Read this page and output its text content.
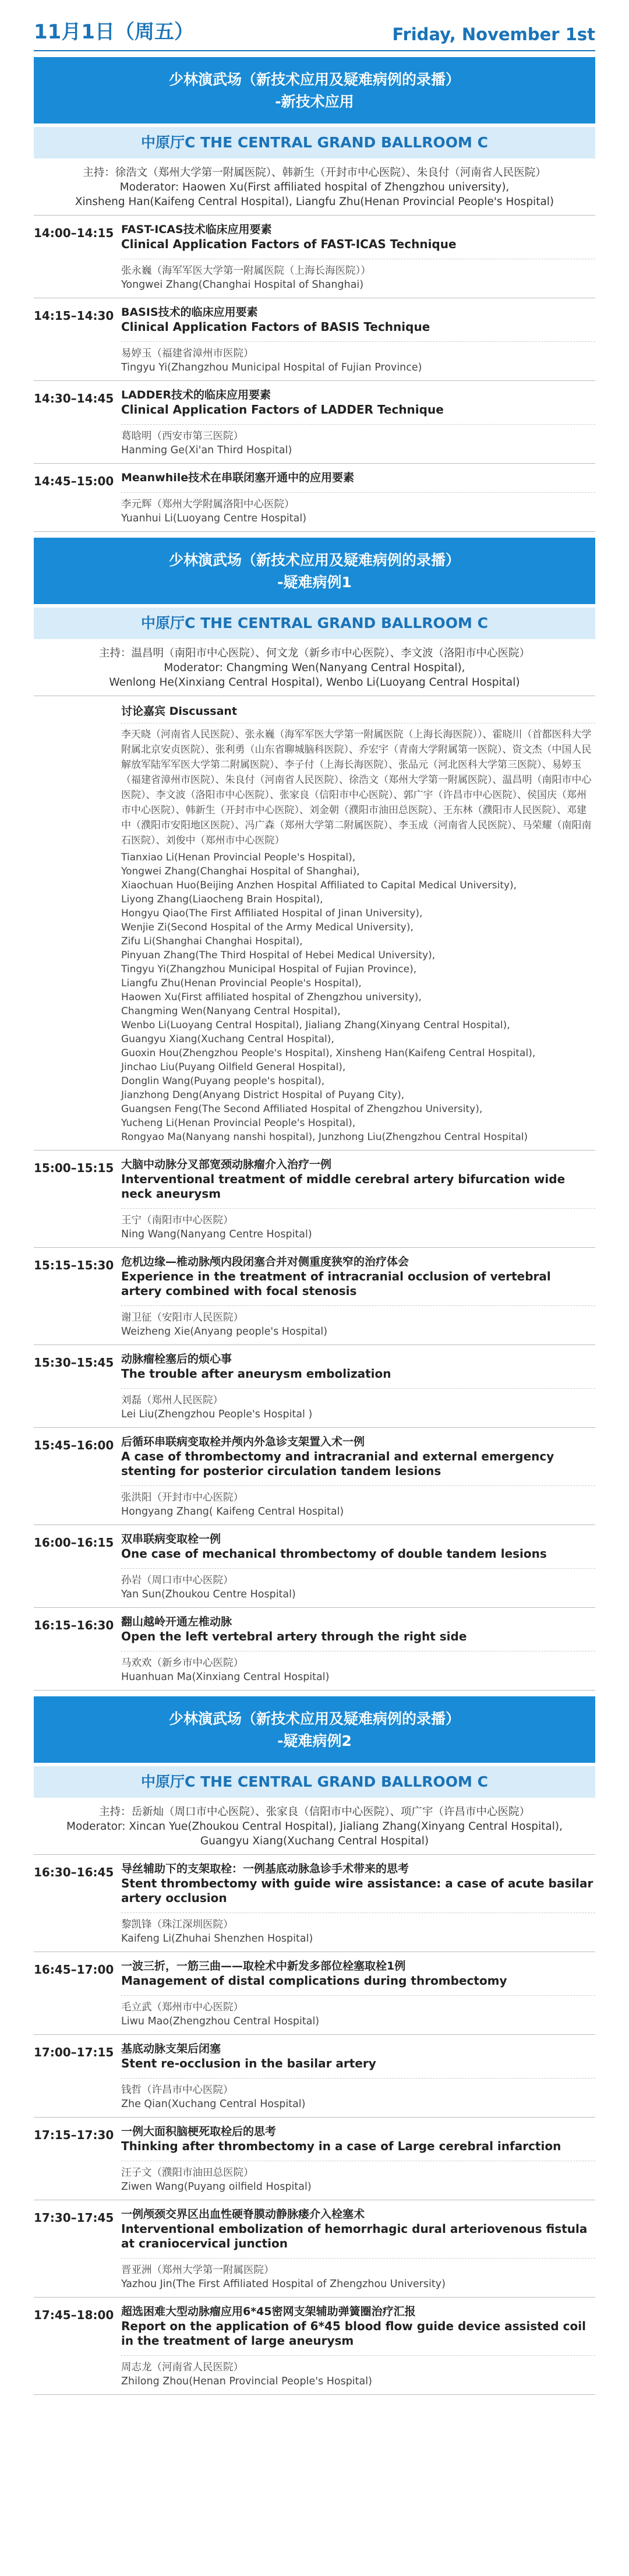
11月1日（周五）	Friday, November 1st
少林演武场（新技术应用及疑难病例的录播）
-新技术应用
中原厅C THE CENTRAL GRAND BALLROOM C
主持：徐浩文（郑州大学第一附属医院）、韩新生（开封市中心医院）、朱良付（河南省人民医院）
Moderator: Haowen Xu(First affiliated hospital of Zhengzhou university),
Xinsheng Han(Kaifeng Central Hospital), Liangfu Zhu(Henan Provincial People's Hospital)
14:00–14:15 FAST-ICAS技术临床应用要素
Clinical Application Factors of FAST-ICAS Technique
张永巍（海军军医大学第一附属医院（上海长海医院））
Yongwei Zhang(Changhai Hospital of Shanghai)
14:15–14:30 BASIS技术的临床应用要素
Clinical Application Factors of BASIS Technique
易婷玉（福建省漳州市医院）
Tingyu Yi(Zhangzhou Municipal Hospital of Fujian Province)
14:30–14:45 LADDER技术的临床应用要素
Clinical Application Factors of LADDER Technique
葛晗明（西安市第三医院）
Hanming Ge(Xi'an Third Hospital)
14:45–15:00 Meanwhile技术在串联闭塞开通中的应用要素
李元辉（郑州大学附属洛阳中心医院）
Yuanhui Li(Luoyang Centre Hospital)
少林演武场（新技术应用及疑难病例的录播）
-疑难病例1
中原厅C THE CENTRAL GRAND BALLROOM C
主持：温昌明（南阳市中心医院）、何文龙（新乡市中心医院）、李文波（洛阳市中心医院）
Moderator: Changming Wen(Nanyang Central Hospital),
Wenlong He(Xinxiang Central Hospital), Wenbo Li(Luoyang Central Hospital)
讨论嘉宾 Discussant
李天晓（河南省人民医院）、张永巍（海军军医大学第一附属医院（上海长海医院））、霍晓川（首都医科大学附属北京安贞医院）、张利勇（山东省聊城脑科医院）、乔宏宇（青南大学附属第一医院）、资文杰（中国人民解放军陆军军医大学第二附属医院）、李子付（上海长海医院）、张品元（河北医科大学第三医院）、易婷玉（福建省漳州市医院）、朱良付（河南省人民医院）、徐浩文（郑州大学第一附属医院）、温昌明（南阳市中心医院）、李文波（洛阳市中心医院）、张家良（信阳市中心医院）、郭广宇（许昌市中心医院）、侯国庆（郑州市中心医院）、韩新生（开封市中心医院）、刘金朝（濮阳市油田总医院）、王东林（濮阳市人民医院）、邓建中（濮阳市安阳地区医院）、冯广森（郑州大学第二附属医院）、李玉成（河南省人民医院）、马荣耀（南阳南石医院）、刘俊中（郑州市中心医院）
Tianxiao Li(Henan Provincial People's Hospital),
Yongwei Zhang(Changhai Hospital of Shanghai),
Xiaochuan Huo(Beijing Anzhen Hospital Affiliated to Capital Medical University),
Liyong Zhang(Liaocheng Brain Hospital),
Hongyu Qiao(The First Affiliated Hospital of Jinan University),
Wenjie Zi(Second Hospital of the Army Medical University),
Zifu Li(Shanghai Changhai Hospital),
Pinyuan Zhang(The Third Hospital of Hebei Medical University),
Tingyu Yi(Zhangzhou Municipal Hospital of Fujian Province),
Liangfu Zhu(Henan Provincial People's Hospital),
Haowen Xu(First affiliated hospital of Zhengzhou university),
Changming Wen(Nanyang Central Hospital),
Wenbo Li(Luoyang Central Hospital), Jialiang Zhang(Xinyang Central Hospital),
Guangyu Xiang(Xuchang Central Hospital),
Guoxin Hou(Zhengzhou People's Hospital), Xinsheng Han(Kaifeng Central Hospital),
Jinchao Liu(Puyang Oilfield General Hospital),
Donglin Wang(Puyang people's hospital),
Jianzhong Deng(Anyang District Hospital of Puyang City),
Guangsen Feng(The Second Affiliated Hospital of Zhengzhou University),
Yucheng Li(Henan Provincial People's Hospital),
Rongyao Ma(Nanyang nanshi hospital), Junzhong Liu(Zhengzhou Central Hospital)
15:00–15:15 大脑中动脉分叉部宽颈动脉瘤介入治疗一例
Interventional treatment of middle cerebral artery bifurcation wide neck aneurysm
王宁（南阳市中心医院）
Ning Wang(Nanyang Centre Hospital)
15:15–15:30 危机边缘—椎动脉颅内段闭塞合并对侧重度狭窄的治疗体会
Experience in the treatment of intracranial occlusion of vertebral artery combined with focal stenosis
谢卫征（安阳市人民医院）
Weizheng Xie(Anyang people's Hospital)
15:30–15:45 动脉瘤栓塞后的烦心事
The trouble after aneurysm embolization
刘磊（郑州人民医院）
Lei Liu(Zhengzhou People's Hospital )
15:45–16:00 后循环串联病变取栓并颅内外急诊支架置入术一例
A case of thrombectomy and intracranial and external emergency stenting for posterior circulation tandem lesions
张洪阳（开封市中心医院）
Hongyang Zhang( Kaifeng Central Hospital)
16:00–16:15 双串联病变取栓一例
One case of mechanical thrombectomy of double tandem lesions
孙岩（周口市中心医院）
Yan Sun(Zhoukou Centre Hospital)
16:15–16:30 翻山越岭开通左椎动脉
Open the left vertebral artery through the right side
马欢欢（新乡市中心医院）
Huanhuan Ma(Xinxiang Central Hospital)
少林演武场（新技术应用及疑难病例的录播）
-疑难病例2
中原厅C THE CENTRAL GRAND BALLROOM C
主持：岳新灿（周口市中心医院）、张家良（信阳市中心医院）、项广宇（许昌市中心医院）
Moderator: Xincan Yue(Zhoukou Central Hospital), Jialiang Zhang(Xinyang Central Hospital),
Guangyu Xiang(Xuchang Central Hospital)
16:30–16:45 导丝辅助下的支架取栓：一例基底动脉急诊手术带来的思考
Stent thrombectomy with guide wire assistance: a case of acute basilar artery occlusion
黎凯锋（珠江深圳医院）
Kaifeng Li(Zhuhai Shenzhen Hospital)
16:45–17:00 一波三折，一筋三曲——取栓术中新发多部位栓塞取栓1例
Management of distal complications during thrombectomy
毛立武（郑州市中心医院）
Liwu Mao(Zhengzhou Central Hospital)
17:00–17:15 基底动脉支架后闭塞
Stent re-occlusion in the basilar artery
钱哲（许昌市中心医院）
Zhe Qian(Xuchang Central Hospital)
17:15–17:30 一例大面积脑梗死取栓后的思考
Thinking after thrombectomy in a case of Large cerebral infarction
汪子文（濮阳市油田总医院）
Ziwen Wang(Puyang oilfield Hospital)
17:30–17:45 一例颅颈交界区出血性硬脊膜动静脉瘘介入栓塞术
Interventional embolization of hemorrhagic dural arteriovenous fistula at craniocervical junction
晋亚洲（郑州大学第一附属医院）
Yazhou Jin(The First Affiliated Hospital of Zhengzhou University)
17:45–18:00 超选困难大型动脉瘤应用6*45密网支架辅助弹簧圈治疗汇报
Report on the application of 6*45 blood flow guide device assisted coil in the treatment of large aneurysm
周志龙（河南省人民医院）
Zhilong Zhou(Henan Provincial People's Hospital)
